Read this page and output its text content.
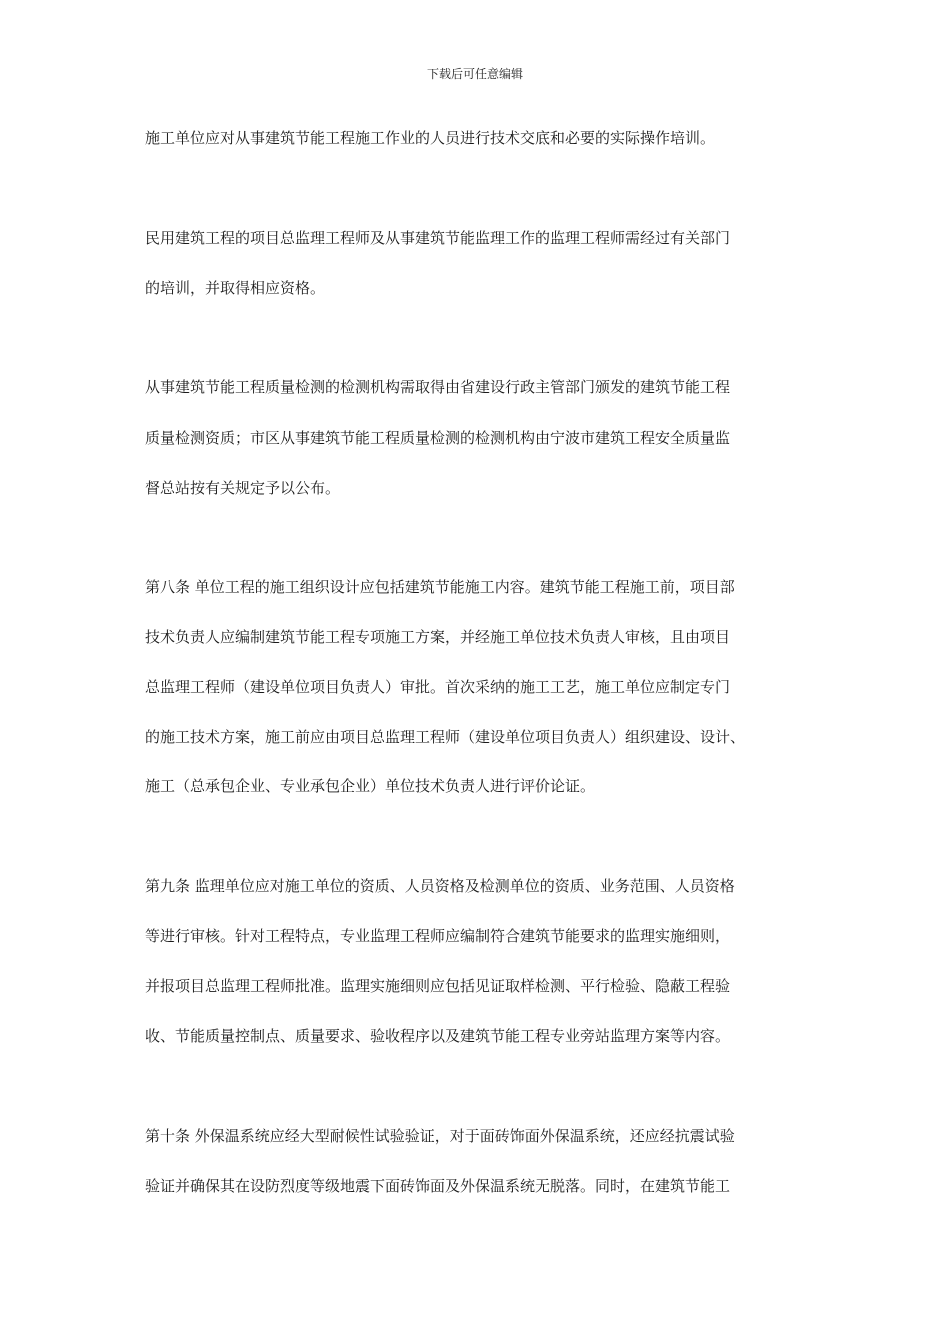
下载后可任意编辑
施工单位应对从事建筑节能工程施工作业的人员进行技术交底和必要的实际操作培训。
民用建筑工程的项目总监理工程师及从事建筑节能监理工作的监理工程师需经过有关部门
的培训，并取得相应资格。
从事建筑节能工程质量检测的检测机构需取得由省建设行政主管部门颁发的建筑节能工程
质量检测资质；市区从事建筑节能工程质量检测的检测机构由宁波市建筑工程安全质量监
督总站按有关规定予以公布。
第八条 单位工程的施工组织设计应包括建筑节能施工内容。建筑节能工程施工前，项目部
技术负责人应编制建筑节能工程专项施工方案，并经施工单位技术负责人审核，且由项目
总监理工程师（建设单位项目负责人）审批。首次采纳的施工工艺，施工单位应制定专门
的施工技术方案，施工前应由项目总监理工程师（建设单位项目负责人）组织建设、设计、
施工（总承包企业、专业承包企业）单位技术负责人进行评价论证。
第九条 监理单位应对施工单位的资质、人员资格及检测单位的资质、业务范围、人员资格
等进行审核。针对工程特点，专业监理工程师应编制符合建筑节能要求的监理实施细则，
并报项目总监理工程师批准。监理实施细则应包括见证取样检测、平行检验、隐蔽工程验
收、节能质量控制点、质量要求、验收程序以及建筑节能工程专业旁站监理方案等内容。
第十条 外保温系统应经大型耐候性试验验证，对于面砖饰面外保温系统，还应经抗震试验
验证并确保其在设防烈度等级地震下面砖饰面及外保温系统无脱落。同时，在建筑节能工
